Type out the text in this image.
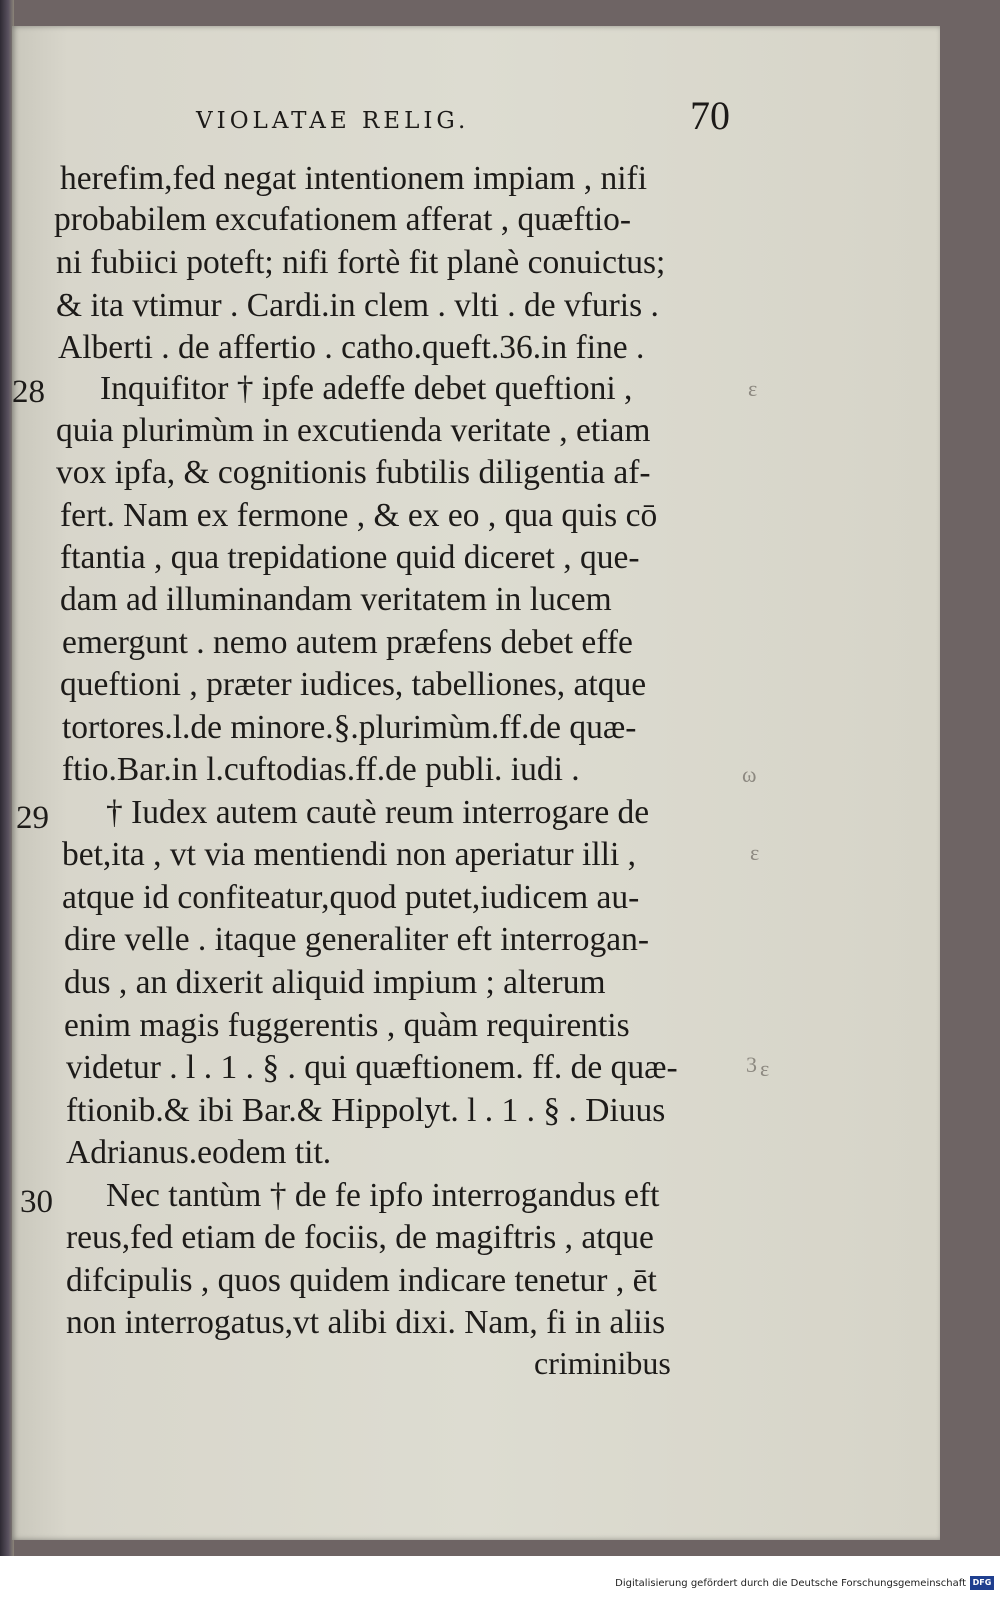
VIOLATAE RELIG.	70
herefim,fed negat intentionem impiam , nifi
probabilem excufationem afferat , quæftio-
ni fubiici poteft; nifi fortè fit planè conuictus;
& ita vtimur . Cardi.in clem . vlti . de vfuris .
Alberti . de affertio . catho.queft.36.in fine .
Inquifitor † ipfe adeffe debet queftioni ,
quia plurimùm in excutienda veritate , etiam
vox ipfa, & cognitionis fubtilis diligentia af-
fert. Nam ex fermone , & ex eo , qua quis cō
ftantia , qua trepidatione quid diceret , que-
dam ad illuminandam veritatem in lucem
emergunt . nemo autem præfens debet effe
queftioni , præter iudices, tabelliones, atque
tortores.l.de minore.§.plurimùm.ff.de quæ-
ftio.Bar.in l.cuftodias.ff.de publi. iudi .
† Iudex autem cautè reum interrogare de
bet,ita , vt via mentiendi non aperiatur illi ,
atque id confiteatur,quod putet,iudicem au-
dire velle . itaque generaliter eft interrogan-
dus , an dixerit aliquid impium ; alterum
enim magis fuggerentis , quàm requirentis
videtur . l . 1 . § . qui quæftionem. ff. de quæ-
ftionib.& ibi Bar.& Hippolyt. l . 1 . § . Diuus
Adrianus.eodem tit.
Nec tantùm † de fe ipfo interrogandus eft
reus,fed etiam de fociis, de magiftris , atque
difcipulis , quos quidem indicare tenetur , ēt
non interrogatus,vt alibi dixi. Nam, fi in aliis
28
29
30
ε
ω
ε
3 ε
criminibus
Digitalisierung gefördert durch die Deutsche Forschungsgemeinschaft DFG
